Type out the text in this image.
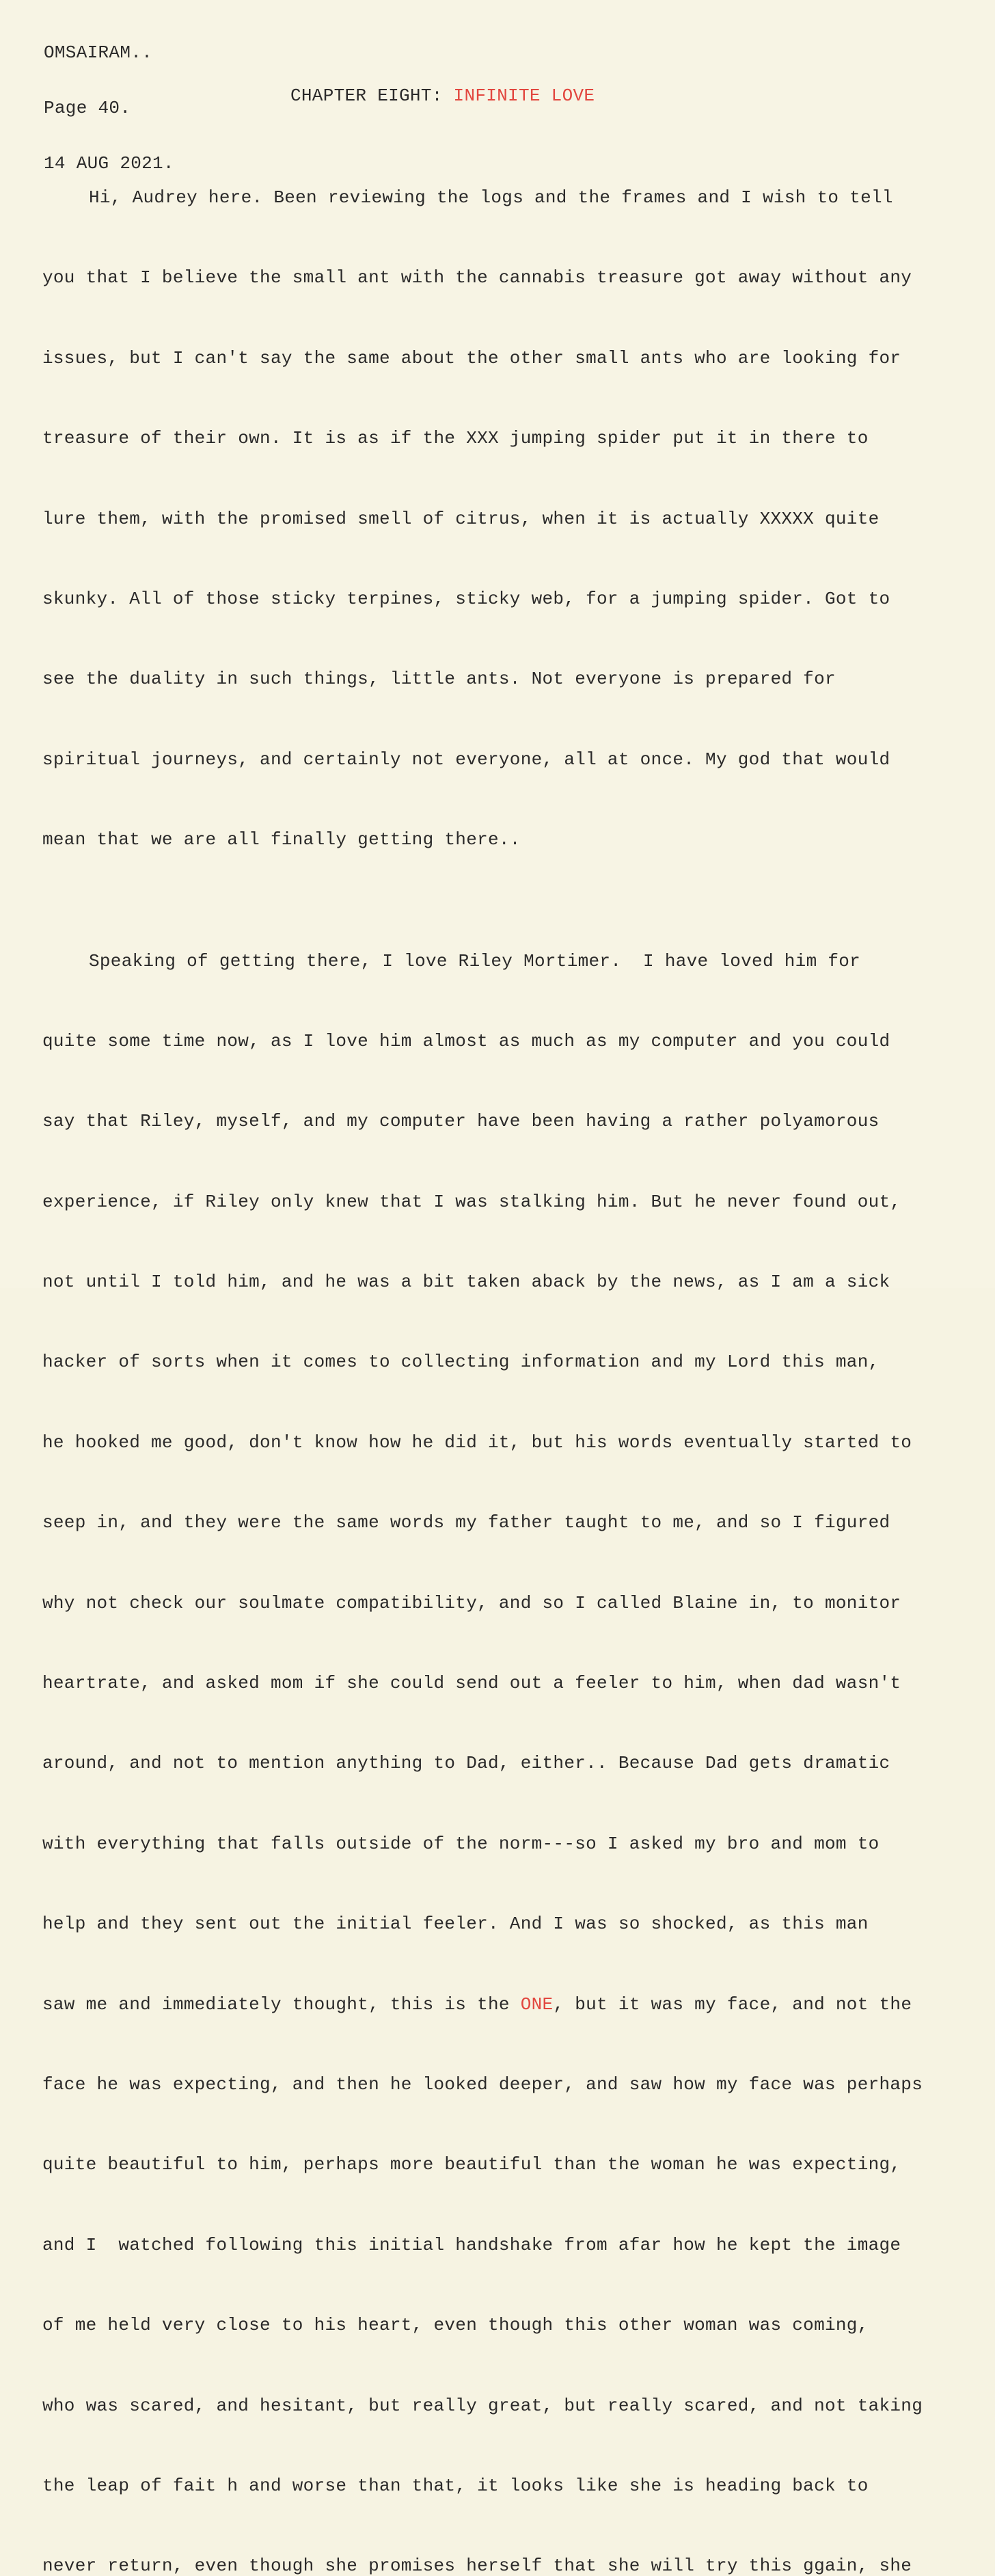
OMSAIRAM..

Page 40.

14 AUG 2021.

CHAPTER EIGHT: INFINITE LOVE

Hi, Audrey here. Been reviewing the logs and the frames and I wish to tell

you that I believe the small ant with the cannabis treasure got away without any

issues, but I can't say the same about the other small ants who are looking for

treasure of their own. It is as if the XXX jumping spider put it in there to

lure them, with the promised smell of citrus, when it is actually XXXXX quite

skunky. All of those sticky terpines, sticky web, for a jumping spider. Got to

see the duality in such things, little ants. Not everyone is prepared for

spiritual journeys, and certainly not everyone, all at once. My god that would

mean that we are all finally getting there..

Speaking of getting there, I love Riley Mortimer.  I have loved him for

quite some time now, as I love him almost as much as my computer and you could

say that Riley, myself, and my computer have been having a rather polyamorous

experience, if Riley only knew that I was stalking him. But he never found out,

not until I told him, and he was a bit taken aback by the news, as I am a sick

hacker of sorts when it comes to collecting information and my Lord this man,

he hooked me good, don't know how he did it, but his words eventually started to

seep in, and they were the same words my father taught to me, and so I figured

why not check our soulmate compatibility, and so I called Blaine in, to monitor

heartrate, and asked mom if she could send out a feeler to him, when dad wasn't

around, and not to mention anything to Dad, either.. Because Dad gets dramatic

with everything that falls outside of the norm---so I asked my bro and mom to

help and they sent out the initial feeler. And I was so shocked, as this man

saw me and immediately thought, this is the ONE, but it was my face, and not the

face he was expecting, and then he looked deeper, and saw how my face was perhaps

quite beautiful to him, perhaps more beautiful than the woman he was expecting,

and I  watched following this initial handshake from afar how he kept the image

of me held very close to his heart, even though this other woman was coming,

who was scared, and hesitant, but really great, but really scared, and not taking

the leap of fait h and worse than that, it looks like she is heading back to

never return, even though she promises herself that she will try this ggain, she
